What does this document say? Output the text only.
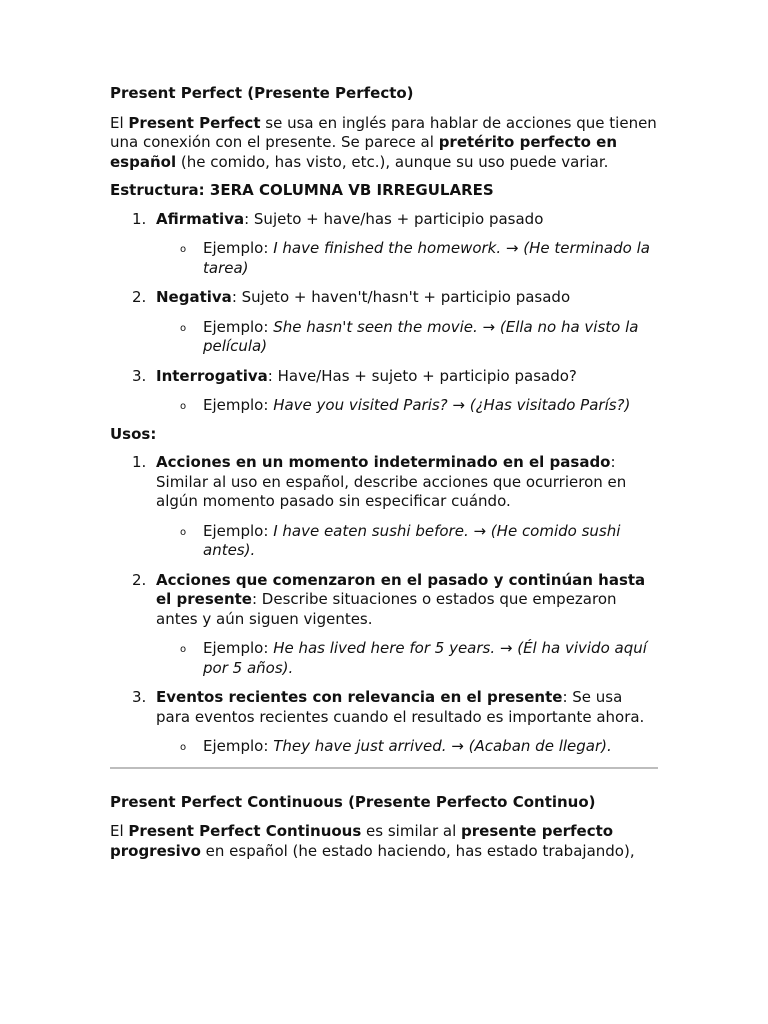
Present Perfect (Presente Perfecto)

El Present Perfect se usa en inglés para hablar de acciones que tienen una conexión con el presente. Se parece al pretérito perfecto en español (he comido, has visto, etc.), aunque su uso puede variar.

Estructura: 3ERA COLUMNA VB IRREGULARES

1. Afirmativa: Sujeto + have/has + participio pasado
o Ejemplo: I have finished the homework. → (He terminado la tarea)
2. Negativa: Sujeto + haven't/hasn't + participio pasado
o Ejemplo: She hasn't seen the movie. → (Ella no ha visto la película)
3. Interrogativa: Have/Has + sujeto + participio pasado?
o Ejemplo: Have you visited Paris? → (¿Has visitado París?)

Usos:

1. Acciones en un momento indeterminado en el pasado: Similar al uso en español, describe acciones que ocurrieron en algún momento pasado sin especificar cuándo.
o Ejemplo: I have eaten sushi before. → (He comido sushi antes).
2. Acciones que comenzaron en el pasado y continúan hasta el presente: Describe situaciones o estados que empezaron antes y aún siguen vigentes.
o Ejemplo: He has lived here for 5 years. → (Él ha vivido aquí por 5 años).
3. Eventos recientes con relevancia en el presente: Se usa para eventos recientes cuando el resultado es importante ahora.
o Ejemplo: They have just arrived. → (Acaban de llegar).

Present Perfect Continuous (Presente Perfecto Continuo)

El Present Perfect Continuous es similar al presente perfecto progresivo en español (he estado haciendo, has estado trabajando),
